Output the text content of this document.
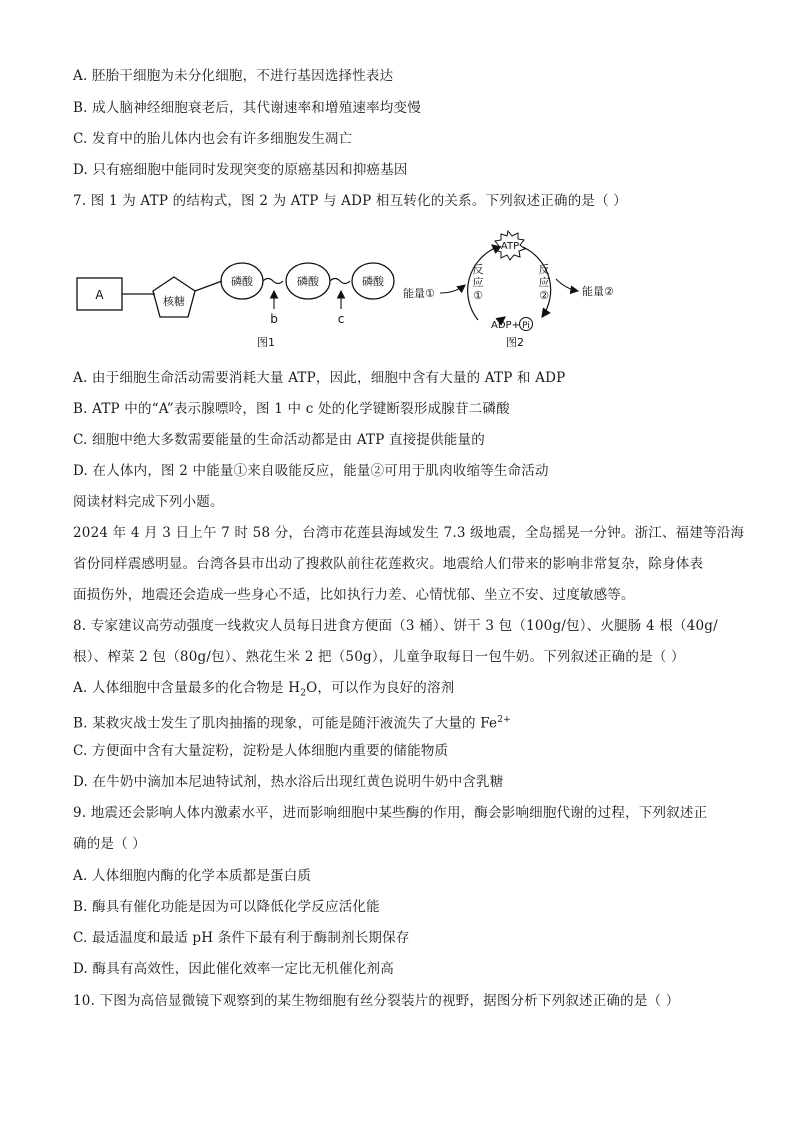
A. 胚胎干细胞为未分化细胞，不进行基因选择性表达
B. 成人脑神经细胞衰老后，其代谢速率和增殖速率均变慢
C. 发育中的胎儿体内也会有许多细胞发生凋亡
D. 只有癌细胞中能同时发现突变的原癌基因和抑癌基因
7. 图 1 为 ATP 的结构式，图 2 为 ATP 与 ADP 相互转化的关系。下列叙述正确的是（ ）
A	核糖
磷酸	磷酸	磷酸
b	c
图1
ATP
反
应
①
反
应
②
能量①	能量②
ADP+ Pi
图2
A. 由于细胞生命活动需要消耗大量 ATP，因此，细胞中含有大量的 ATP 和 ADP
B. ATP 中的“A”表示腺嘌呤，图 1 中 c 处的化学键断裂形成腺苷二磷酸
C. 细胞中绝大多数需要能量的生命活动都是由 ATP 直接提供能量的
D. 在人体内，图 2 中能量①来自吸能反应，能量②可用于肌肉收缩等生命活动
阅读材料完成下列小题。
2024 年 4 月 3 日上午 7 时 58 分，台湾市花莲县海域发生 7.3 级地震，全岛摇晃一分钟。浙江、福建等沿海
省份同样震感明显。台湾各县市出动了搜救队前往花莲救灾。地震给人们带来的影响非常复杂，除身体表
面损伤外，地震还会造成一些身心不适，比如执行力差、心情忧郁、坐立不安、过度敏感等。
8. 专家建议高劳动强度一线救灾人员每日进食方便面（3 桶）、饼干 3 包（100g/包）、火腿肠 4 根（40g/
根）、榨菜 2 包（80g/包）、熟花生米 2 把（50g），儿童争取每日一包牛奶。下列叙述正确的是（ ）
A. 人体细胞中含量最多的化合物是 $H_2O$，可以作为良好的溶剂
B. 某救灾战士发生了肌肉抽搐的现象，可能是随汗液流失了大量的 $Fe^{2+}$
C. 方便面中含有大量淀粉，淀粉是人体细胞内重要的储能物质
D. 在牛奶中滴加本尼迪特试剂，热水浴后出现红黄色说明牛奶中含乳糖
9. 地震还会影响人体内激素水平，进而影响细胞中某些酶的作用，酶会影响细胞代谢的过程，下列叙述正
确的是（ ）
A. 人体细胞内酶的化学本质都是蛋白质
B. 酶具有催化功能是因为可以降低化学反应活化能
C. 最适温度和最适 pH 条件下最有利于酶制剂长期保存
D. 酶具有高效性，因此催化效率一定比无机催化剂高
10. 下图为高倍显微镜下观察到的某生物细胞有丝分裂装片的视野，据图分析下列叙述正确的是（ ）
